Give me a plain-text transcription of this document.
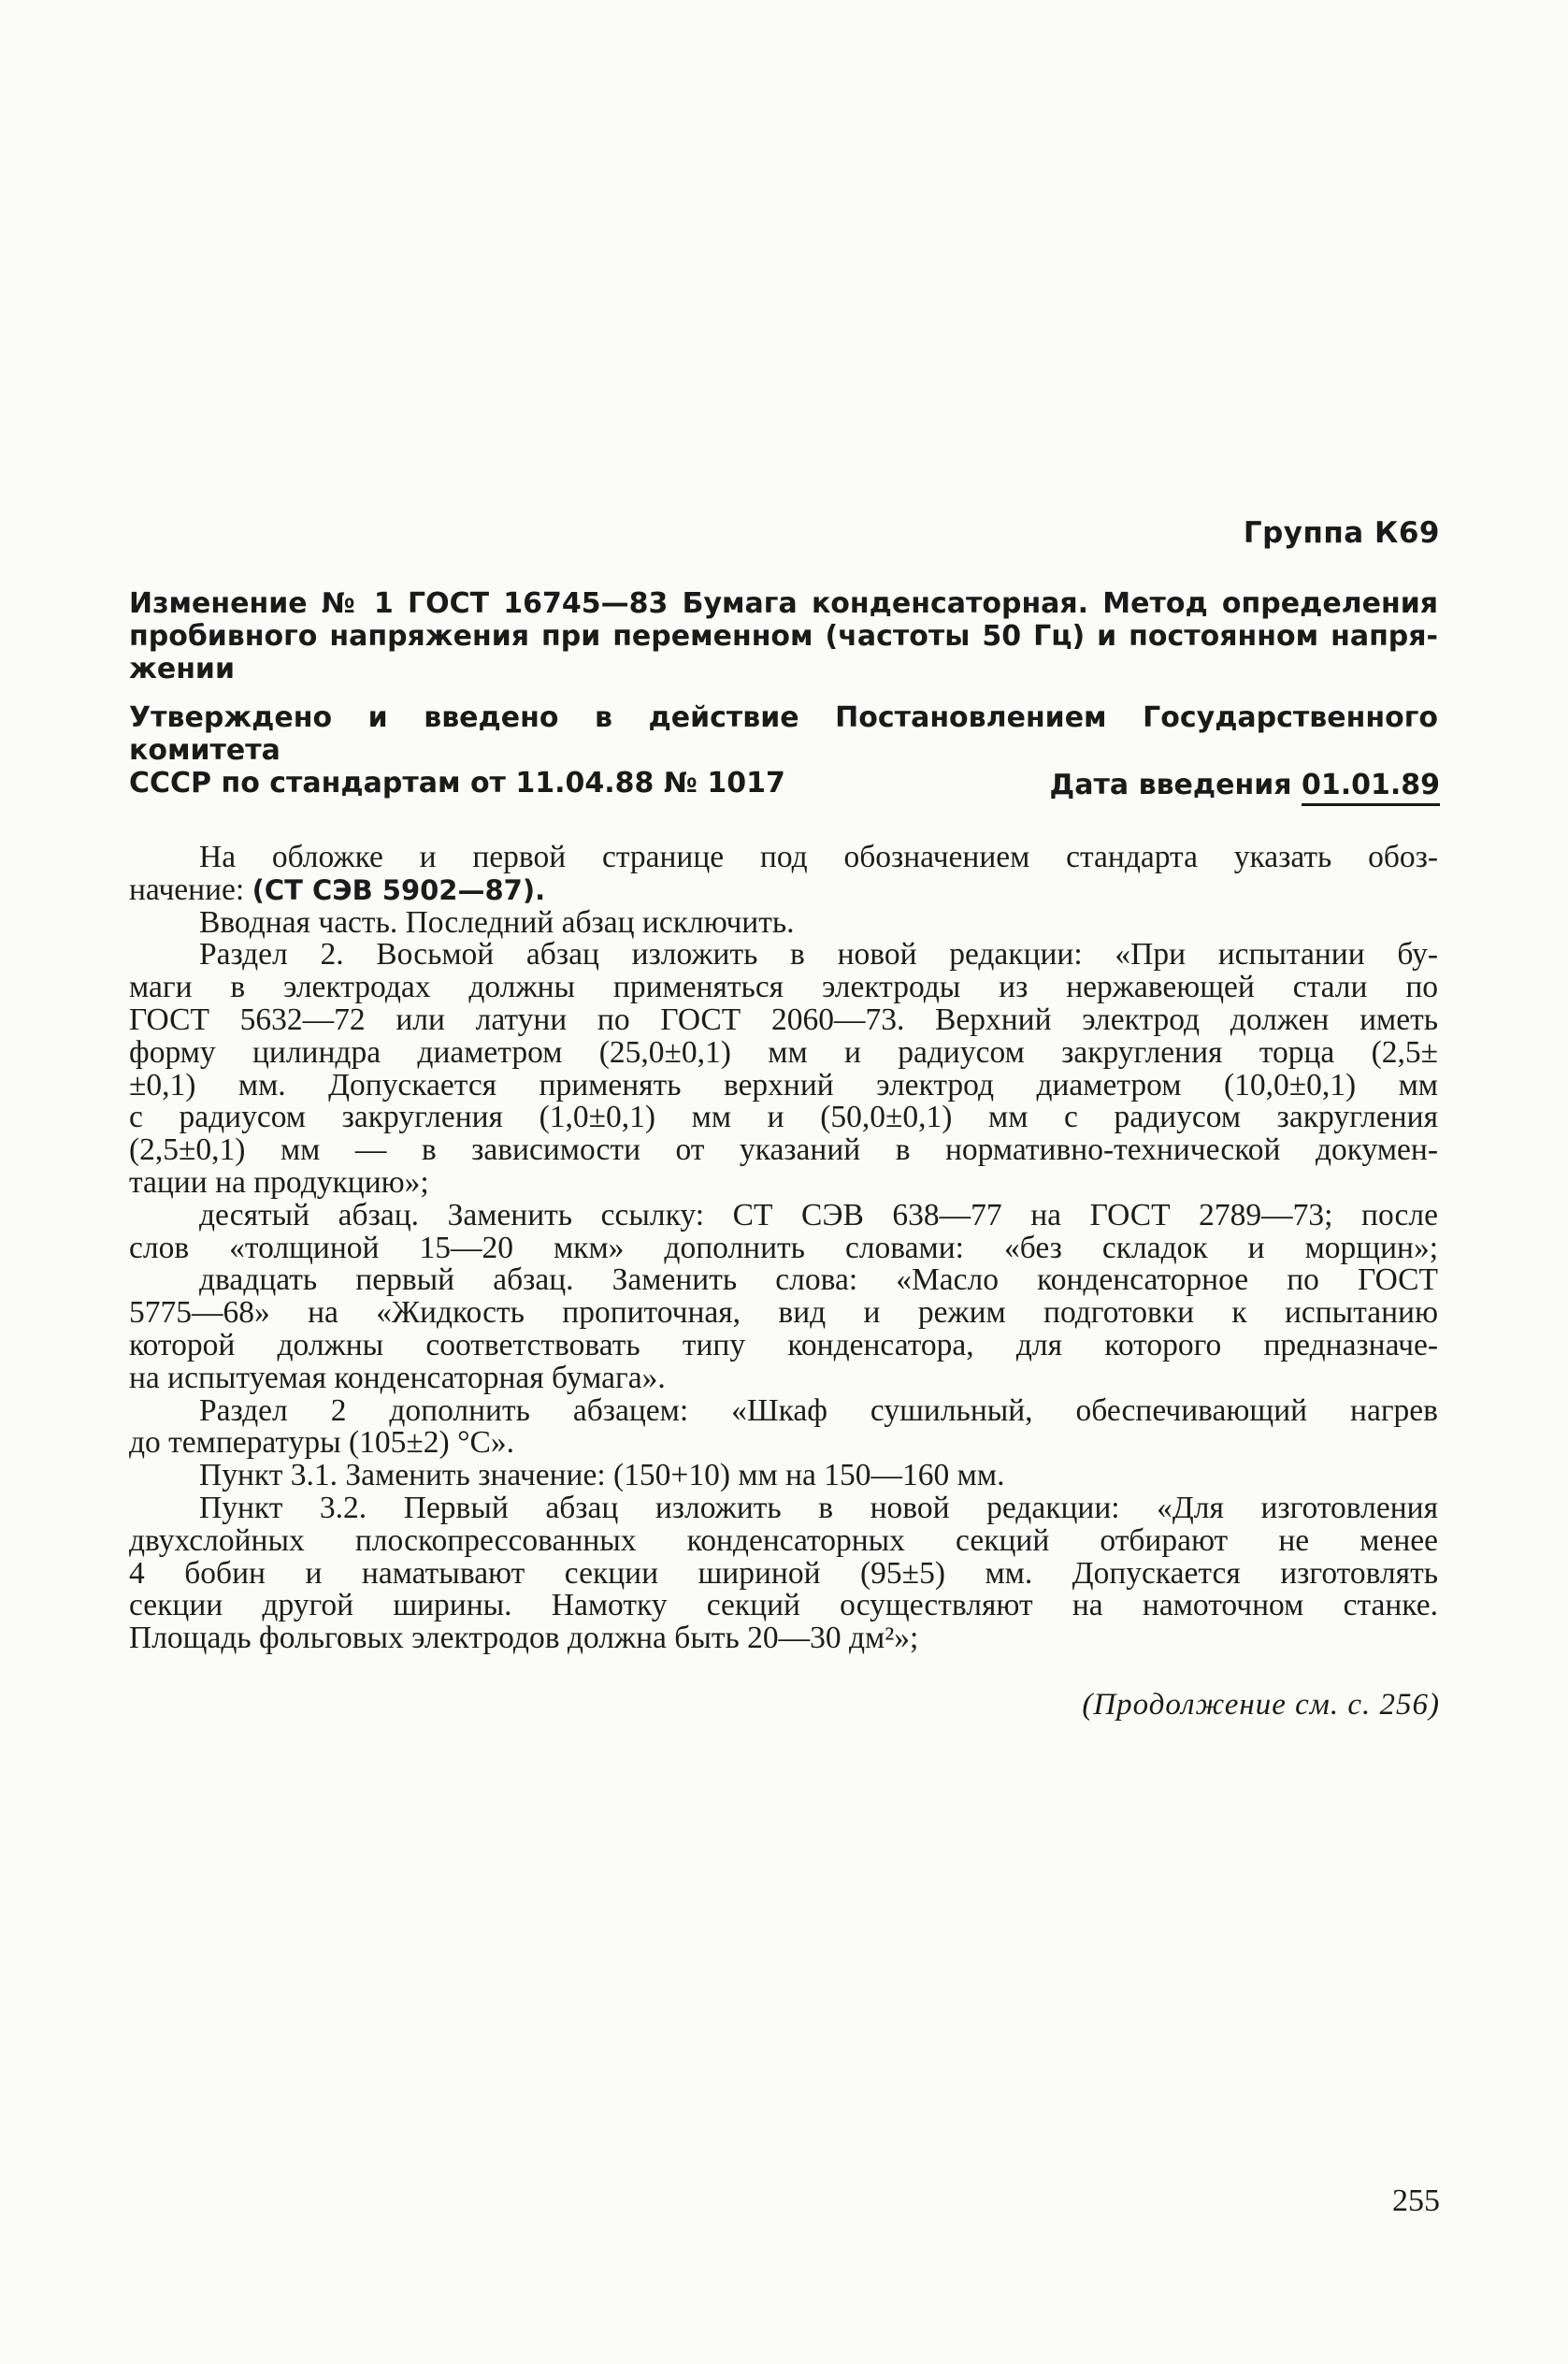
Группа К69
Изменение № 1 ГОСТ 16745—83 Бумага конденсаторная. Метод определения
пробивного напряжения при переменном (частоты 50 Гц) и постоянном напря-
жении
Утверждено и введено в действие Постановлением Государственного комитета
СССР по стандартам от 11.04.88 № 1017	Дата введения 01.01.89
На обложке и первой странице под обозначением стандарта указать обоз-
начение: (СТ СЭВ 5902—87).
Вводная часть. Последний абзац исключить.
Раздел 2. Восьмой абзац изложить в новой редакции: «При испытании бу-
маги в электродах должны применяться электроды из нержавеющей стали по
ГОСТ 5632—72 или латуни по ГОСТ 2060—73. Верхний электрод должен иметь
форму цилиндра диаметром (25,0±0,1) мм и радиусом закругления торца (2,5±
±0,1) мм. Допускается применять верхний электрод диаметром (10,0±0,1) мм
с радиусом закругления (1,0±0,1) мм и (50,0±0,1) мм с радиусом закругления
(2,5±0,1) мм — в зависимости от указаний в нормативно-технической докумен-
тации на продукцию»;
десятый абзац. Заменить ссылку: СТ СЭВ 638—77 на ГОСТ 2789—73; после
слов «толщиной 15—20 мкм» дополнить словами: «без складок и морщин»;
двадцать первый абзац. Заменить слова: «Масло конденсаторное по ГОСТ
5775—68» на «Жидкость пропиточная, вид и режим подготовки к испытанию
которой должны соответствовать типу конденсатора, для которого предназначе-
на испытуемая конденсаторная бумага».
Раздел 2 дополнить абзацем: «Шкаф сушильный, обеспечивающий нагрев
до температуры (105±2) °С».
Пункт 3.1. Заменить значение: (150+10) мм на 150—160 мм.
Пункт 3.2. Первый абзац изложить в новой редакции: «Для изготовления
двухслойных плоскопрессованных конденсаторных секций отбирают не менее
4 бобин и наматывают секции шириной (95±5) мм. Допускается изготовлять
секции другой ширины. Намотку секций осуществляют на намоточном станке.
Площадь фольговых электродов должна быть 20—30 дм²»;
(Продолжение см. с. 256)
255
